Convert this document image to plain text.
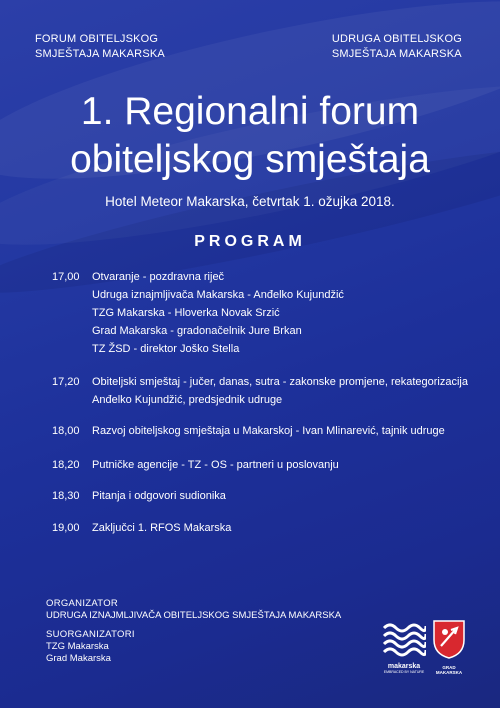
FORUM OBITELJSKOG
SMJEŠTAJA MAKARSKA
UDRUGA OBITELJSKOG
SMJEŠTAJA MAKARSKA
1. Regionalni forum
obiteljskog smještaja
Hotel Meteor Makarska, četvrtak 1. ožujka 2018.
PROGRAM
17,00	Otvaranje - pozdravna riječ
Udruga iznajmljivača Makarska - Anđelko Kujundžić
TZG Makarska - Hloverka Novak Srzić
Grad Makarska - gradonačelnik Jure Brkan
TZ ŽSD - direktor Joško Stella
17,20	Obiteljski smještaj - jučer, danas, sutra - zakonske promjene, rekategorizacija
Anđelko Kujundžić, predsjednik udruge
18,00	Razvoj obiteljskog smještaja u Makarskoj - Ivan Mlinarević, tajnik udruge
18,20	Putničke agencije - TZ - OS - partneri u poslovanju
18,30	Pitanja i odgovori sudionika
19,00	Zaključci 1. RFOS Makarska
ORGANIZATOR
UDRUGA IZNAJMLJIVAČA OBITELJSKOG SMJEŠTAJA MAKARSKA
SUORGANIZATORI
TZG Makarska
Grad Makarska
makarska
EMBRACED BY NATURE
GRAD MAKARSKA
